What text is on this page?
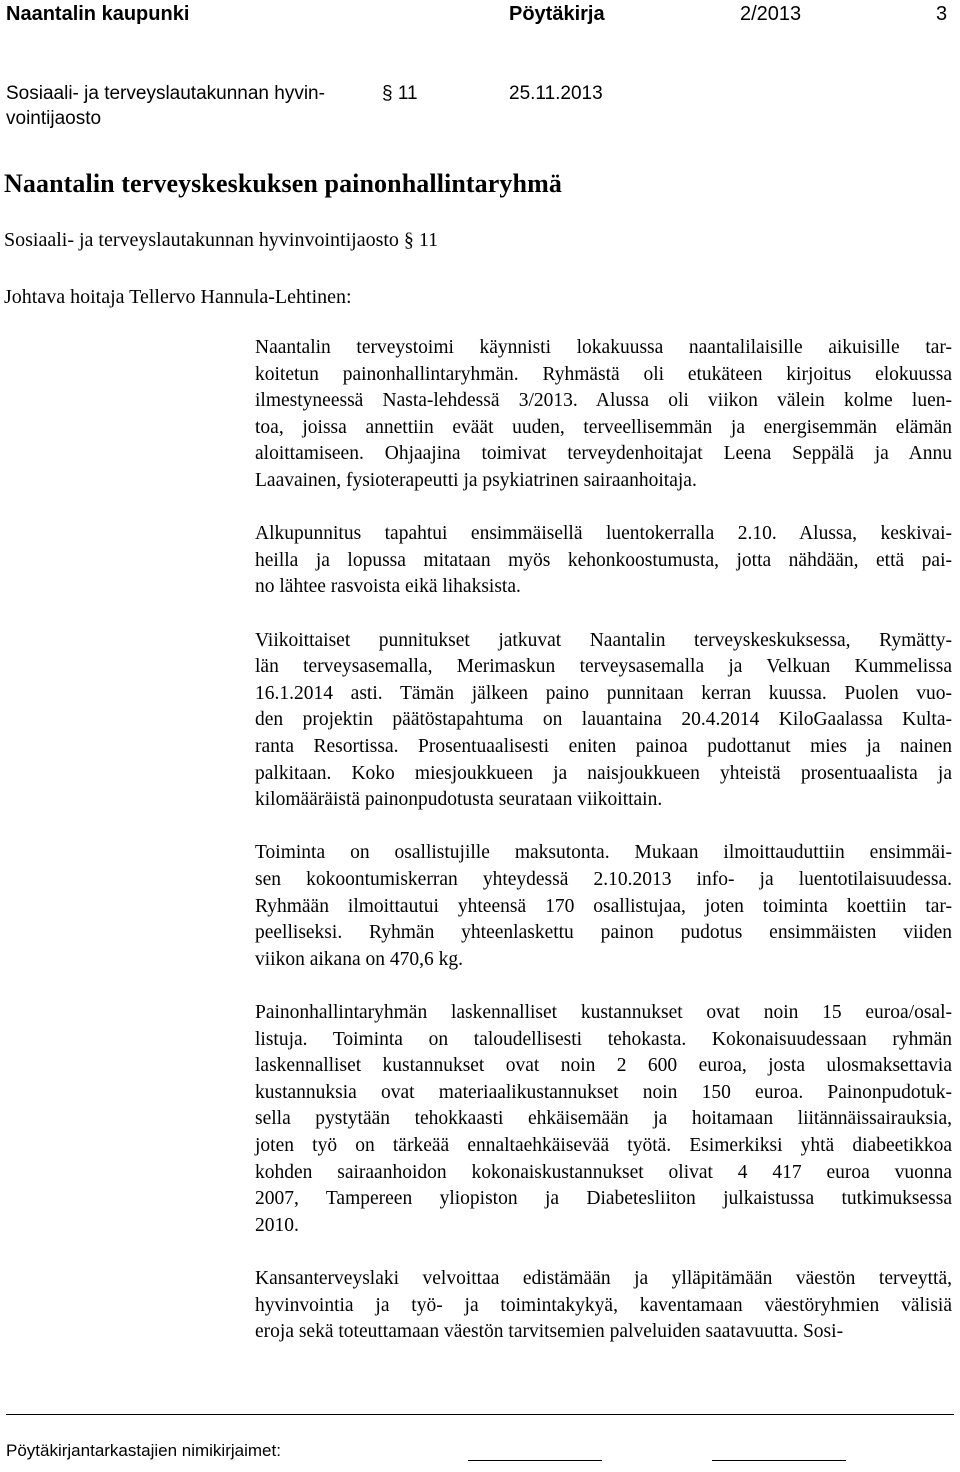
Naantalin kaupunki	Pöytäkirja	2/2013	3
Sosiaali- ja terveyslautakunnan hyvin-
vointijaosto
§ 11	25.11.2013
Naantalin terveyskeskuksen painonhallintaryhmä
Sosiaali- ja terveyslautakunnan hyvinvointijaosto § 11
Johtava hoitaja Tellervo Hannula-Lehtinen:
Naantalin terveystoimi käynnisti lokakuussa naantalilaisille aikuisille tar-
koitetun painonhallintaryhmän. Ryhmästä oli etukäteen kirjoitus elokuussa
ilmestyneessä Nasta-lehdessä 3/2013. Alussa oli viikon välein kolme luen-
toa, joissa annettiin eväät uuden, terveellisemmän ja energisemmän elämän
aloittamiseen. Ohjaajina toimivat terveydenhoitajat Leena Seppälä ja Annu
Laavainen, fysioterapeutti ja psykiatrinen sairaanhoitaja.
Alkupunnitus tapahtui ensimmäisellä luentokerralla 2.10. Alussa, keskivai-
heilla ja lopussa mitataan myös kehonkoostumusta, jotta nähdään, että pai-
no lähtee rasvoista eikä lihaksista.
Viikoittaiset punnitukset jatkuvat Naantalin terveyskeskuksessa, Rymätty-
län terveysasemalla, Merimaskun terveysasemalla ja Velkuan Kummelissa
16.1.2014 asti. Tämän jälkeen paino punnitaan kerran kuussa. Puolen vuo-
den projektin päätöstapahtuma on lauantaina 20.4.2014 KiloGaalassa Kulta-
ranta Resortissa. Prosentuaalisesti eniten painoa pudottanut mies ja nainen
palkitaan. Koko miesjoukkueen ja naisjoukkueen yhteistä prosentuaalista ja
kilomääräistä painonpudotusta seurataan viikoittain.
Toiminta on osallistujille maksutonta. Mukaan ilmoittauduttiin ensimmäi-
sen kokoontumiskerran yhteydessä 2.10.2013 info- ja luentotilaisuudessa.
Ryhmään ilmoittautui yhteensä 170 osallistujaa, joten toiminta koettiin tar-
peelliseksi. Ryhmän yhteenlaskettu painon pudotus ensimmäisten viiden
viikon aikana on 470,6 kg.
Painonhallintaryhmän laskennalliset kustannukset ovat noin 15 euroa/osal-
listuja. Toiminta on taloudellisesti tehokasta. Kokonaisuudessaan ryhmän
laskennalliset kustannukset ovat noin 2 600 euroa, josta ulosmaksettavia
kustannuksia ovat materiaalikustannukset noin 150 euroa. Painonpudotuk-
sella pystytään tehokkaasti ehkäisemään ja hoitamaan liitännäissairauksia,
joten työ on tärkeää ennaltaehkäisevää työtä. Esimerkiksi yhtä diabeetikkoa
kohden sairaanhoidon kokonaiskustannukset olivat 4 417 euroa vuonna
2007, Tampereen yliopiston ja Diabetesliiton julkaistussa tutkimuksessa
2010.
Kansanterveyslaki velvoittaa edistämään ja ylläpitämään väestön terveyttä,
hyvinvointia ja työ- ja toimintakykyä, kaventamaan väestöryhmien välisiä
eroja sekä toteuttamaan väestön tarvitsemien palveluiden saatavuutta. Sosi-
Pöytäkirjantarkastajien nimikirjaimet:
